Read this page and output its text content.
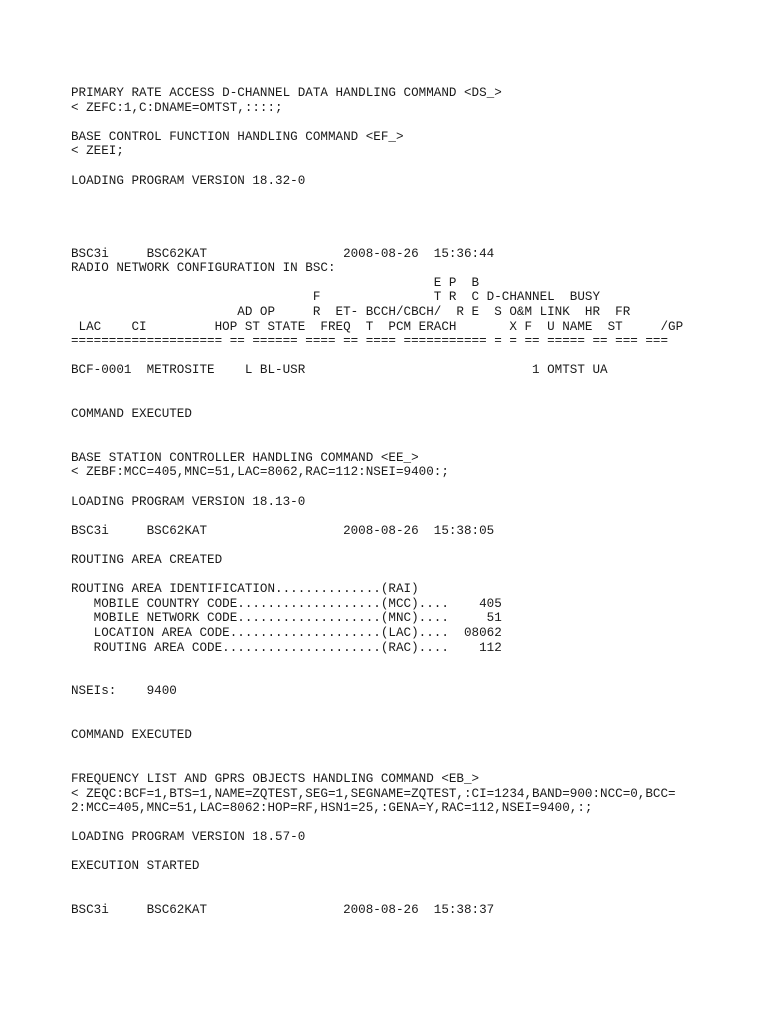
PRIMARY RATE ACCESS D-CHANNEL DATA HANDLING COMMAND <DS_>
< ZEFC:1,C:DNAME=OMTST,::::;
BASE CONTROL FUNCTION HANDLING COMMAND <EF_>
< ZEEI;
LOADING PROGRAM VERSION 18.32-0
BSC3i     BSC62KAT                  2008-08-26  15:36:44
RADIO NETWORK CONFIGURATION IN BSC:
E P  B
F               T R  C D-CHANNEL  BUSY
AD OP     R  ET- BCCH/CBCH/  R E  S O&M LINK  HR  FR
LAC    CI         HOP ST STATE  FREQ  T  PCM ERACH       X F  U NAME  ST     /GP
==================== == ====== ==== == ==== =========== = = == ===== == === ===
BCF-0001  METROSITE    L BL-USR                              1 OMTST UA
COMMAND EXECUTED
BASE STATION CONTROLLER HANDLING COMMAND <EE_>
< ZEBF:MCC=405,MNC=51,LAC=8062,RAC=112:NSEI=9400:;
LOADING PROGRAM VERSION 18.13-0
BSC3i     BSC62KAT                  2008-08-26  15:38:05
ROUTING AREA CREATED
ROUTING AREA IDENTIFICATION..............(RAI)
MOBILE COUNTRY CODE...................(MCC)....    405
MOBILE NETWORK CODE...................(MNC)....     51
LOCATION AREA CODE....................(LAC)....  08062
ROUTING AREA CODE.....................(RAC)....    112
NSEIs:    9400
COMMAND EXECUTED
FREQUENCY LIST AND GPRS OBJECTS HANDLING COMMAND <EB_>
< ZEQC:BCF=1,BTS=1,NAME=ZQTEST,SEG=1,SEGNAME=ZQTEST,:CI=1234,BAND=900:NCC=0,BCC=
2:MCC=405,MNC=51,LAC=8062:HOP=RF,HSN1=25,:GENA=Y,RAC=112,NSEI=9400,:;
LOADING PROGRAM VERSION 18.57-0
EXECUTION STARTED
BSC3i     BSC62KAT                  2008-08-26  15:38:37
